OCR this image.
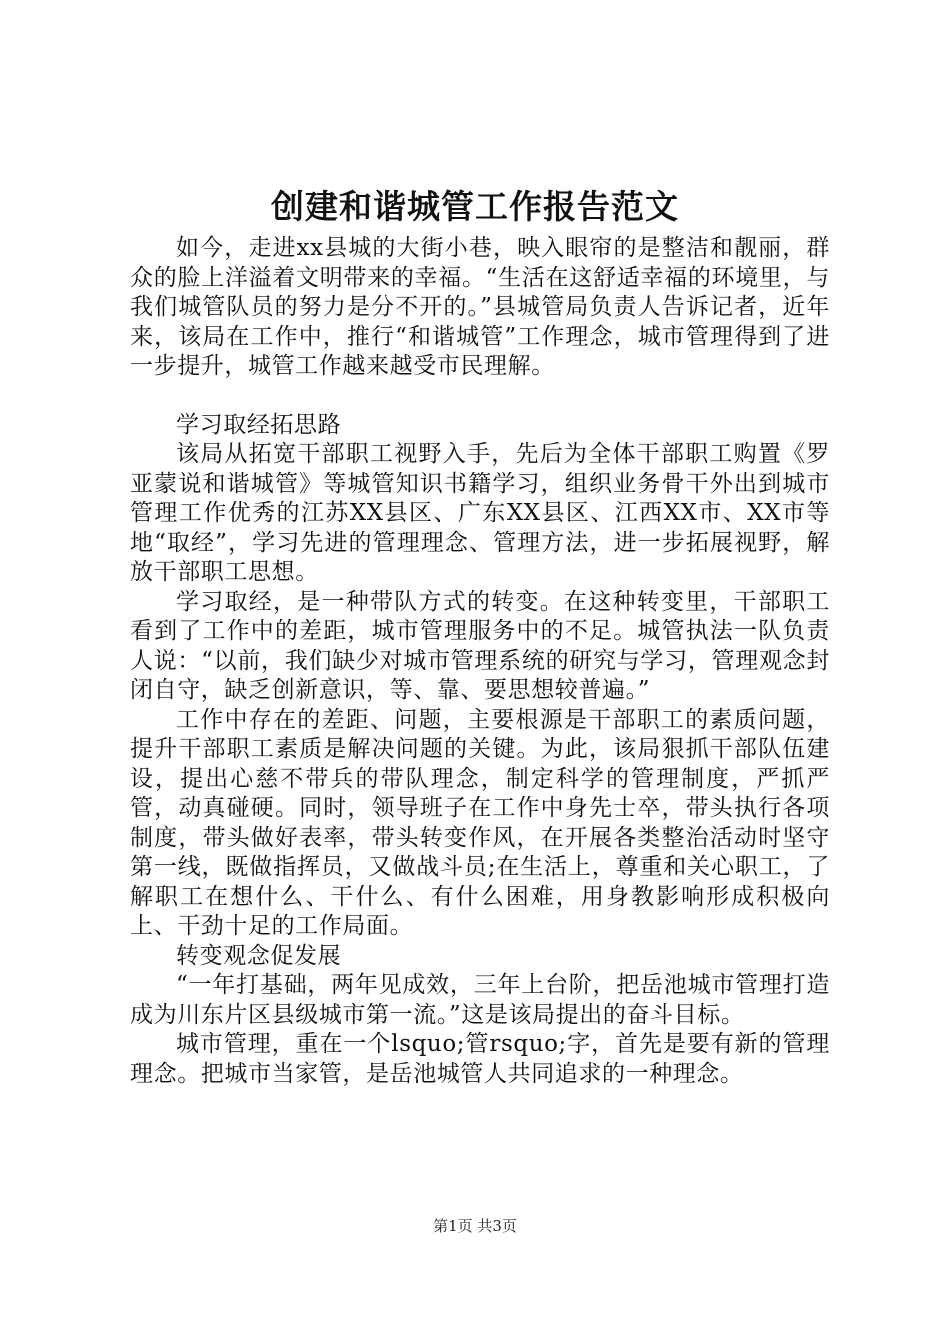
创建和谐城管工作报告范文

如今，走进xx县城的大街小巷，映入眼帘的是整洁和靓丽，群众的脸上洋溢着文明带来的幸福。“生活在这舒适幸福的环境里，与我们城管队员的努力是分不开的。”县城管局负责人告诉记者，近年来，该局在工作中，推行“和谐城管”工作理念，城市管理得到了进一步提升，城管工作越来越受市民理解。

学习取经拓思路

该局从拓宽干部职工视野入手，先后为全体干部职工购置《罗亚蒙说和谐城管》等城管知识书籍学习，组织业务骨干外出到城市管理工作优秀的江苏XX县区、广东XX县区、江西XX市、XX市等地“取经”，学习先进的管理理念、管理方法，进一步拓展视野，解放干部职工思想。

学习取经，是一种带队方式的转变。在这种转变里，干部职工看到了工作中的差距，城市管理服务中的不足。城管执法一队负责人说：“以前，我们缺少对城市管理系统的研究与学习，管理观念封闭自守，缺乏创新意识，等、靠、要思想较普遍。”

工作中存在的差距、问题，主要根源是干部职工的素质问题，提升干部职工素质是解决问题的关键。为此，该局狠抓干部队伍建设，提出心慈不带兵的带队理念，制定科学的管理制度，严抓严管，动真碰硬。同时，领导班子在工作中身先士卒，带头执行各项制度，带头做好表率，带头转变作风，在开展各类整治活动时坚守第一线，既做指挥员，又做战斗员;在生活上，尊重和关心职工，了解职工在想什么、干什么、有什么困难，用身教影响形成积极向上、干劲十足的工作局面。

转变观念促发展

“一年打基础，两年见成效，三年上台阶，把岳池城市管理打造成为川东片区县级城市第一流。”这是该局提出的奋斗目标。

城市管理，重在一个lsquo;管rsquo;字，首先是要有新的管理理念。把城市当家管，是岳池城管人共同追求的一种理念。

第1页 共3页
